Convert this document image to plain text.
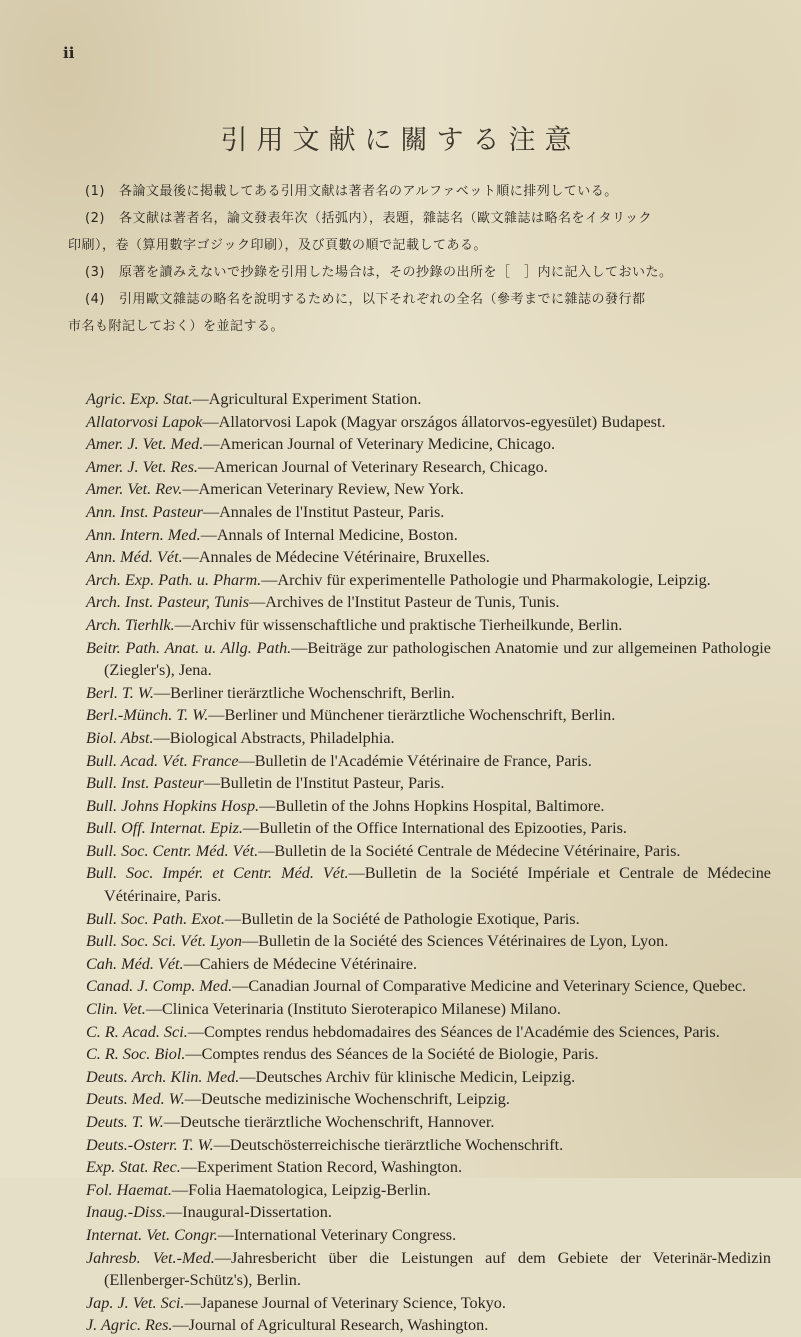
ii
引用文献に關する注意

(1) 各論文最後に掲載してある引用文献は著者名のアルファベット順に排列している。

(2) 各文献は著者名，論文發表年次（括弧内），表題，雜誌名（歐文雜誌は略名をイタリック

印刷），卷（算用數字ゴジック印刷），及び頁數の順で記載してある。

(3) 原著を讀みえないで抄錄を引用した場合は，その抄錄の出所を［　］内に記入しておいた。

(4) 引用歐文雜誌の略名を說明するために，以下それぞれの全名（參考までに雜誌の發行都

市名も附記しておく）を並記する。

Agric. Exp. Stat.—Agricultural Experiment Station.

Allatorvosi Lapok—Allatorvosi Lapok (Magyar országos állatorvos-egyesület) Budapest.

Amer. J. Vet. Med.—American Journal of Veterinary Medicine, Chicago.

Amer. J. Vet. Res.—American Journal of Veterinary Research, Chicago.

Amer. Vet. Rev.—American Veterinary Review, New York.

Ann. Inst. Pasteur—Annales de l'Institut Pasteur, Paris.

Ann. Intern. Med.—Annals of Internal Medicine, Boston.

Ann. Méd. Vét.—Annales de Médecine Vétérinaire, Bruxelles.

Arch. Exp. Path. u. Pharm.—Archiv für experimentelle Pathologie und Pharmakologie, Leipzig.

Arch. Inst. Pasteur, Tunis—Archives de l'Institut Pasteur de Tunis, Tunis.

Arch. Tierhlk.—Archiv für wissenschaftliche und praktische Tierheilkunde, Berlin.

Beitr. Path. Anat. u. Allg. Path.—Beiträge zur pathologischen Anatomie und zur allgemeinen Pathologie (Ziegler's), Jena.

Berl. T. W.—Berliner tierärztliche Wochenschrift, Berlin.

Berl.-Münch. T. W.—Berliner und Münchener tierärztliche Wochenschrift, Berlin.

Biol. Abst.—Biological Abstracts, Philadelphia.

Bull. Acad. Vét. France—Bulletin de l'Académie Vétérinaire de France, Paris.

Bull. Inst. Pasteur—Bulletin de l'Institut Pasteur, Paris.

Bull. Johns Hopkins Hosp.—Bulletin of the Johns Hopkins Hospital, Baltimore.

Bull. Off. Internat. Epiz.—Bulletin of the Office International des Epizooties, Paris.

Bull. Soc. Centr. Méd. Vét.—Bulletin de la Société Centrale de Médecine Vétérinaire, Paris.

Bull. Soc. Impér. et Centr. Méd. Vét.—Bulletin de la Société Impériale et Centrale de Médecine Vétérinaire, Paris.

Bull. Soc. Path. Exot.—Bulletin de la Société de Pathologie Exotique, Paris.

Bull. Soc. Sci. Vét. Lyon—Bulletin de la Société des Sciences Vétérinaires de Lyon, Lyon.

Cah. Méd. Vét.—Cahiers de Médecine Vétérinaire.

Canad. J. Comp. Med.—Canadian Journal of Comparative Medicine and Veterinary Science, Quebec.

Clin. Vet.—Clinica Veterinaria (Instituto Sieroterapico Milanese) Milano.

C. R. Acad. Sci.—Comptes rendus hebdomadaires des Séances de l'Académie des Sciences, Paris.

C. R. Soc. Biol.—Comptes rendus des Séances de la Société de Biologie, Paris.

Deuts. Arch. Klin. Med.—Deutsches Archiv für klinische Medicin, Leipzig.

Deuts. Med. W.—Deutsche medizinische Wochenschrift, Leipzig.

Deuts. T. W.—Deutsche tierärztliche Wochenschrift, Hannover.

Deuts.-Osterr. T. W.—Deutschösterreichische tierärztliche Wochenschrift.

Exp. Stat. Rec.—Experiment Station Record, Washington.

Fol. Haemat.—Folia Haematologica, Leipzig-Berlin.

Inaug.-Diss.—Inaugural-Dissertation.

Internat. Vet. Congr.—International Veterinary Congress.

Jahresb. Vet.-Med.—Jahresbericht über die Leistungen auf dem Gebiete der Veterinär-Medizin (Ellenberger-Schütz's), Berlin.

Jap. J. Vet. Sci.—Japanese Journal of Veterinary Science, Tokyo.

J. Agric. Res.—Journal of Agricultural Research, Washington.
